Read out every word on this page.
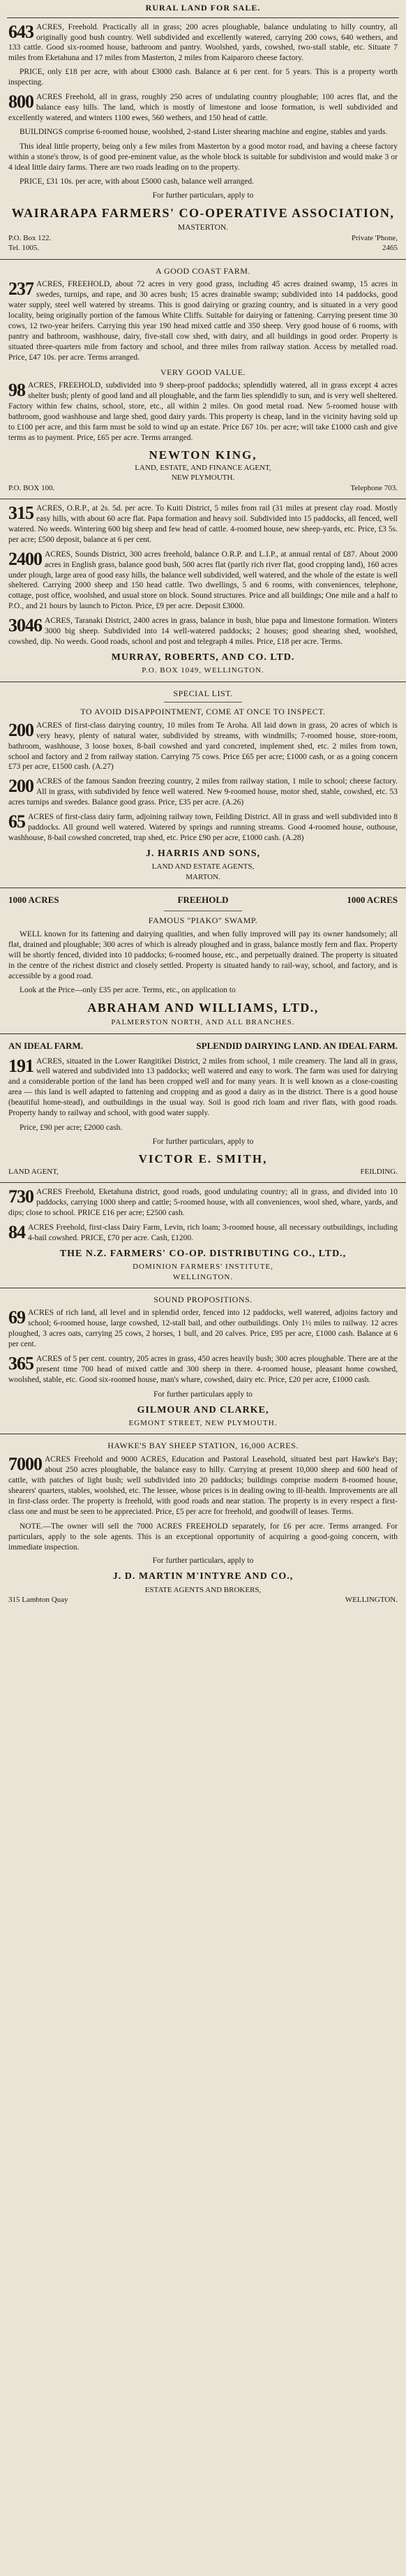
RURAL LAND FOR SALE.
643 ACRES, Freehold. Practically all in grass; 200 acres ploughable, balance undulating to hilly country, all originally good bush country. Well subdivided and excellently watered, carrying 200 cows, 640 wethers, and 133 cattle. Good six-roomed house, bathroom and pantry. Woolshed, yards, cowshed, two-stall stable, etc. Situate 7 miles from Eketahuna and 17 miles from Masterton, 2 miles from Kaiparoro cheese factory.
PRICE, only £18 per acre, with about £3000 cash. Balance at 6 per cent. for 5 years. This is a property worth inspecting.
800 ACRES Freehold, all in grass, roughly 250 acres of undulating country ploughable; 100 acres flat, and the balance easy hills. The land, which is mostly of limestone and loose formation, is well subdivided and excellently watered, and winters 1100 ewes, 560 wethers, and 150 head of cattle.
BUILDINGS comprise 6-roomed house, woolshed, 2-stand Lister shearing machine and engine, stables and yards.
This ideal little property, being only a few miles from Masterton by a good motor road, and having a cheese factory within a stone's throw, is of good pre-eminent value, as the whole block is suitable for subdivision and would make 3 or 4 ideal little dairy farms. There are two roads leading on to the property.
PRICE, £31 10s. per acre, with about £5000 cash, balance well arranged.
For further particulars, apply to
WAIRARAPA FARMERS' CO-OPERATIVE ASSOCIATION,
MASTERTON.
P.O. Box 122.	Private 'Phone,
Tel. 1005.	2465
A GOOD COAST FARM.
237 ACRES, FREEHOLD, about 72 acres in very good grass, including 45 acres drained swamp, 15 acres in swedes, turnips, and rape, and 30 acres bush; 15 acres drainable swamp; subdivided into 14 paddocks, good water supply, steel well watered by streams. This is good dairying or grazing country, and is situated in a very good locality, being originally portion of the famous White Cliffs. Suitable for dairying or fattening. Carrying present time 30 cows, 12 two-year heifers. Carrying this year 190 head mixed cattle and 350 sheep. Very good house of 6 rooms, with pantry and bathroom, washhouse, dairy, five-stall cow shed, with dairy, and all buildings in good order. Property is situated three-quarters mile from factory and school, and three miles from railway station. Access by metalled road. Price, £47 10s. per acre. Terms arranged.
VERY GOOD VALUE.
98 ACRES, FREEHOLD, subdivided into 9 sheep-proof paddocks; splendidly watered, all in grass except 4 acres shelter bush; plenty of good land and all ploughable, and the farm lies splendidly to sun, and is very well sheltered. Factory within few chains, school, store, etc., all within 2 miles. On good metal road. New 5-roomed house with bathroom, good washhouse and large shed, good dairy yards. This property is cheap, land in the vicinity having sold up to £100 per acre, and this farm must be sold to wind up an estate. Price £67 10s. per acre; will take £1000 cash and give terms as to payment. Price, £65 per acre. Terms arranged.
NEWTON KING,
LAND, ESTATE, AND FINANCE AGENT,
NEW PLYMOUTH.
P.O. BOX 100.	Telephone 703.
315 ACRES, O.R.P., at 2s. 5d. per acre. To Kuiti District, 5 miles from rail (31 miles at present clay road. Mostly easy hills, with about 60 acre flat. Papa formation and heavy soil. Subdivided into 15 paddocks, all fenced, well watered. No weeds. Wintering 600 big sheep and few head of cattle. 4-roomed house, new sheep-yards, etc. Price, £3 5s. per acre; £500 deposit, balance at 6 per cent.
2400 ACRES, Sounds District, 300 acres freehold, balance O.R.P. and L.I.P., at annual rental of £87. About 2000 acres in English grass, balance good bush, 500 acres flat (partly rich river flat, good cropping land), 160 acres under plough, large area of good easy hills, the balance well subdivided, well watered, and the whole of the estate is well sheltered. Carrying 2000 sheep and 150 head cattle. Two dwellings, 5 and 6 rooms, with conveniences, telephone, cottage, post office, woolshed, and usual store on block. Sound structures. Price and all buildings; One mile and a half to P.O., and 21 hours by launch to Picton. Price, £9 per acre. Deposit £3000.
3046 ACRES, Taranaki District, 2400 acres in grass, balance in bush, blue papa and limestone formation. Winters 3000 big sheep. Subdivided into 14 well-watered paddocks; 2 houses; good shearing shed, woolshed, cowshed, dip. No weeds. Good roads, school and post and telegraph 4 miles. Price, £18 per acre. Terms.
MURRAY, ROBERTS, AND CO. LTD.
P.O. BOX 1049, WELLINGTON.
SPECIAL LIST.
TO AVOID DISAPPOINTMENT, COME AT ONCE TO INSPECT.
200 ACRES of first-class dairying country, 10 miles from Te Aroha. All laid down in grass, 20 acres of which is very heavy, plenty of natural water, subdivided by streams, with windmills; 7-roomed house, store-room, bathroom, washhouse, 3 loose boxes, 8-bail cowshed and yard concreted, implement shed, etc. 2 miles from town, school and factory and 2 from railway station. Carrying 75 cows. Price £65 per acre; £1000 cash, or as a going concern £73 per acre, £1500 cash. (A.27)
200 ACRES of the famous Sandon freezing country, 2 miles from railway station, 1 mile to school; cheese factory. All in grass, with subdivided by fence well watered. New 9-roomed house, motor shed, stable, cowshed, etc. 53 acres turnips and swedes. Balance good grass. Price, £35 per acre. (A.26)
65 ACRES of first-class dairy farm, adjoining railway town, Feilding District. All in grass and well subdivided into 8 paddocks. All ground well watered. Watered by springs and running streams. Good 4-roomed house, outhouse, washhouse, 8-bail cowshed concreted, trap shed, etc. Price £90 per acre, £1000 cash. (A.28)
J. HARRIS AND SONS,
LAND AND ESTATE AGENTS,
MARTON.
1000 ACRES	FREEHOLD	1000 ACRES
FAMOUS "PIAKO" SWAMP.
WELL known for its fattening and dairying qualities, and when fully improved will pay its owner handsomely; all flat, drained and ploughable; 300 acres of which is already ploughed and in grass, balance mostly fern and flax. Property will be shortly fenced, divided into 10 paddocks; 6-roomed house, etc., and perpetually drained. The property is situated in the centre of the richest district and closely settled. Property is situated handy to rail-way, school, and factory, and is accessible by a good road.
Look at the Price—only £35 per acre. Terms, etc., on application to
ABRAHAM AND WILLIAMS, LTD.,
PALMERSTON NORTH, AND ALL BRANCHES.
AN IDEAL FARM.	SPLENDID DAIRYING LAND. AN IDEAL FARM.
191 ACRES, situated in the Lower Rangitikei District, 2 miles from school, 1 mile creamery. The land all in grass, well watered and subdivided into 13 paddocks; well watered and easy to work. The farm was used for dairying and a considerable portion of the land has been cropped well and for many years. It is well known as a close-coasting area — this land is well adapted to fattening and cropping and as good a dairy as in the district. There is a good house (beautiful home-stead), and outbuildings in the usual way. Soil is good rich loam and river flats, with good roads. Property handy to railway and school, with good water supply.
Price, £90 per acre; £2000 cash.
For further particulars, apply to
VICTOR E. SMITH,
LAND AGENT,	FEILDING.
730 ACRES Freehold, Eketahuna district, good roads, good undulating country; all in grass, and divided into 10 paddocks, carrying 1000 sheep and cattle; 5-roomed house, with all conveniences, wool shed, whare, yards, and dips; close to school. PRICE £16 per acre; £2500 cash.
84 ACRES Freehold, first-class Dairy Farm, Levin, rich loam; 3-roomed house, all necessary outbuildings, including 4-bail cowshed. PRICE, £70 per acre. Cash, £1200.
THE N.Z. FARMERS' CO-OP. DISTRIBUTING CO., LTD.,
DOMINION FARMERS' INSTITUTE,
WELLINGTON.
SOUND PROPOSITIONS.
69 ACRES of rich land, all level and in splendid order, fenced into 12 paddocks, well watered, adjoins factory and school; 6-roomed house, large cowshed, 12-stall bail, and other outbuildings. Only 1½ miles to railway. 12 acres ploughed, 3 acres oats, carrying 25 cows, 2 horses, 1 bull, and 20 calves. Price, £95 per acre, £1000 cash. Balance at 6 per cent.
365 ACRES of 5 per cent. country, 205 acres in grass, 450 acres heavily bush; 300 acres ploughable. There are at the present time 700 head of mixed cattle and 300 sheep in there. 4-roomed house, pleasant home cowshed, woolshed, stable, etc. Good six-roomed house, man's whare, cowshed, dairy etc. Price, £20 per acre, £1000 cash.
For further particulars apply to
GILMOUR AND CLARKE,
EGMONT STREET, NEW PLYMOUTH.
HAWKE'S BAY SHEEP STATION, 16,000 ACRES.
7000 ACRES Freehold and 9000 ACRES, Education and Pastoral Leasehold, situated best part Hawke's Bay; about 250 acres ploughable, the balance easy to hilly. Carrying at present 10,000 sheep and 600 head of cattle, with patches of light bush; well subdivided into 20 paddocks; buildings comprise modern 8-roomed house, shearers' quarters, stables, woolshed, etc. The lessee, whose prices is in dealing owing to ill-health. Improvements are all in first-class order. The property is freehold, with good roads and near station. The property is in every respect a first-class one and must be seen to be appreciated. Price, £5 per acre for freehold, and goodwill of leases. Terms.
NOTE.—The owner will sell the 7000 ACRES FREEHOLD separately, for £6 per acre. Terms arranged. For particulars, apply to the sole agents. This is an exceptional opportunity of acquiring a good-going concern, with immediate inspection.
For further particulars, apply to
J. D. MARTIN M'INTYRE AND CO.,
ESTATE AGENTS AND BROKERS,
315 Lambton Quay	WELLINGTON.
